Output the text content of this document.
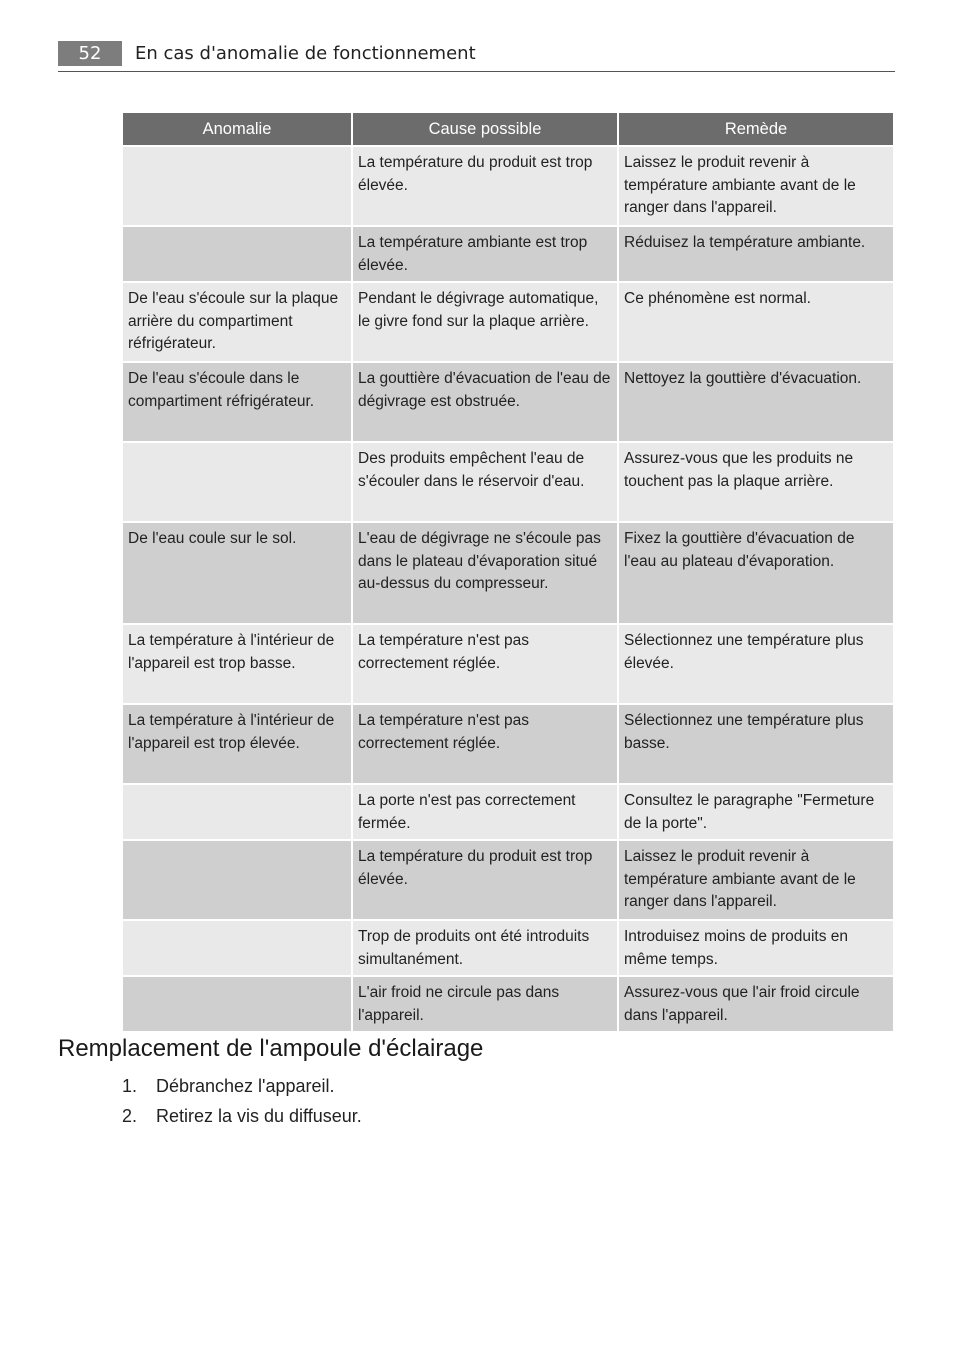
52	En cas d'anomalie de fonctionnement
Anomalie	Cause possible	Remède
	La température du produit est trop élevée.	Laissez le produit revenir à température ambiante avant de le ranger dans l'appareil.
	La température ambiante est trop élevée.	Réduisez la température ambiante.
De l'eau s'écoule sur la plaque arrière du compartiment réfrigérateur.	Pendant le dégivrage automatique, le givre fond sur la plaque arrière.	Ce phénomène est normal.
De l'eau s'écoule dans le compartiment réfrigérateur.	La gouttière d'évacuation de l'eau de dégivrage est obstruée.	Nettoyez la gouttière d'évacuation.
	Des produits empêchent l'eau de s'écouler dans le réservoir d'eau.	Assurez-vous que les produits ne touchent pas la plaque arrière.
De l'eau coule sur le sol.	L'eau de dégivrage ne s'écoule pas dans le plateau d'évaporation situé au-dessus du compresseur.	Fixez la gouttière d'évacuation de l'eau au plateau d'évaporation.
La température à l'intérieur de l'appareil est trop basse.	La température n'est pas correctement réglée.	Sélectionnez une température plus élevée.
La température à l'intérieur de l'appareil est trop élevée.	La température n'est pas correctement réglée.	Sélectionnez une température plus basse.
	La porte n'est pas correctement fermée.	Consultez le paragraphe "Fermeture de la porte".
	La température du produit est trop élevée.	Laissez le produit revenir à température ambiante avant de le ranger dans l'appareil.
	Trop de produits ont été introduits simultanément.	Introduisez moins de produits en même temps.
	L'air froid ne circule pas dans l'appareil.	Assurez-vous que l'air froid circule dans l'appareil.
Remplacement de l'ampoule d'éclairage
1. Débranchez l'appareil.
2. Retirez la vis du diffuseur.
